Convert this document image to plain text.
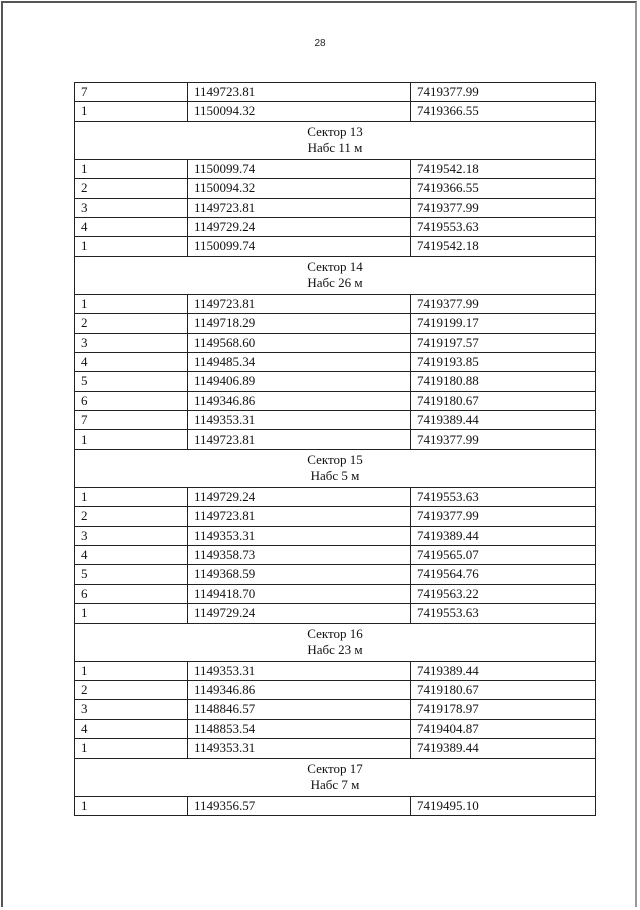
28
7	1149723.81	7419377.99
1	1150094.32	7419366.55

Сектор 13
Набс 11 м		

1	1150099.74	7419542.18
2	1150094.32	7419366.55
3	1149723.81	7419377.99
4	1149729.24	7419553.63
1	1150099.74	7419542.18

Сектор 14
Набс 26 м		

1	1149723.81	7419377.99
2	1149718.29	7419199.17
3	1149568.60	7419197.57
4	1149485.34	7419193.85
5	1149406.89	7419180.88
6	1149346.86	7419180.67
7	1149353.31	7419389.44
1	1149723.81	7419377.99

Сектор 15
Набс 5 м		

1	1149729.24	7419553.63
2	1149723.81	7419377.99
3	1149353.31	7419389.44
4	1149358.73	7419565.07
5	1149368.59	7419564.76
6	1149418.70	7419563.22
1	1149729.24	7419553.63

Сектор 16
Набс 23 м		

1	1149353.31	7419389.44
2	1149346.86	7419180.67
3	1148846.57	7419178.97
4	1148853.54	7419404.87
1	1149353.31	7419389.44

Сектор 17
Набс 7 м		

1	1149356.57	7419495.10
